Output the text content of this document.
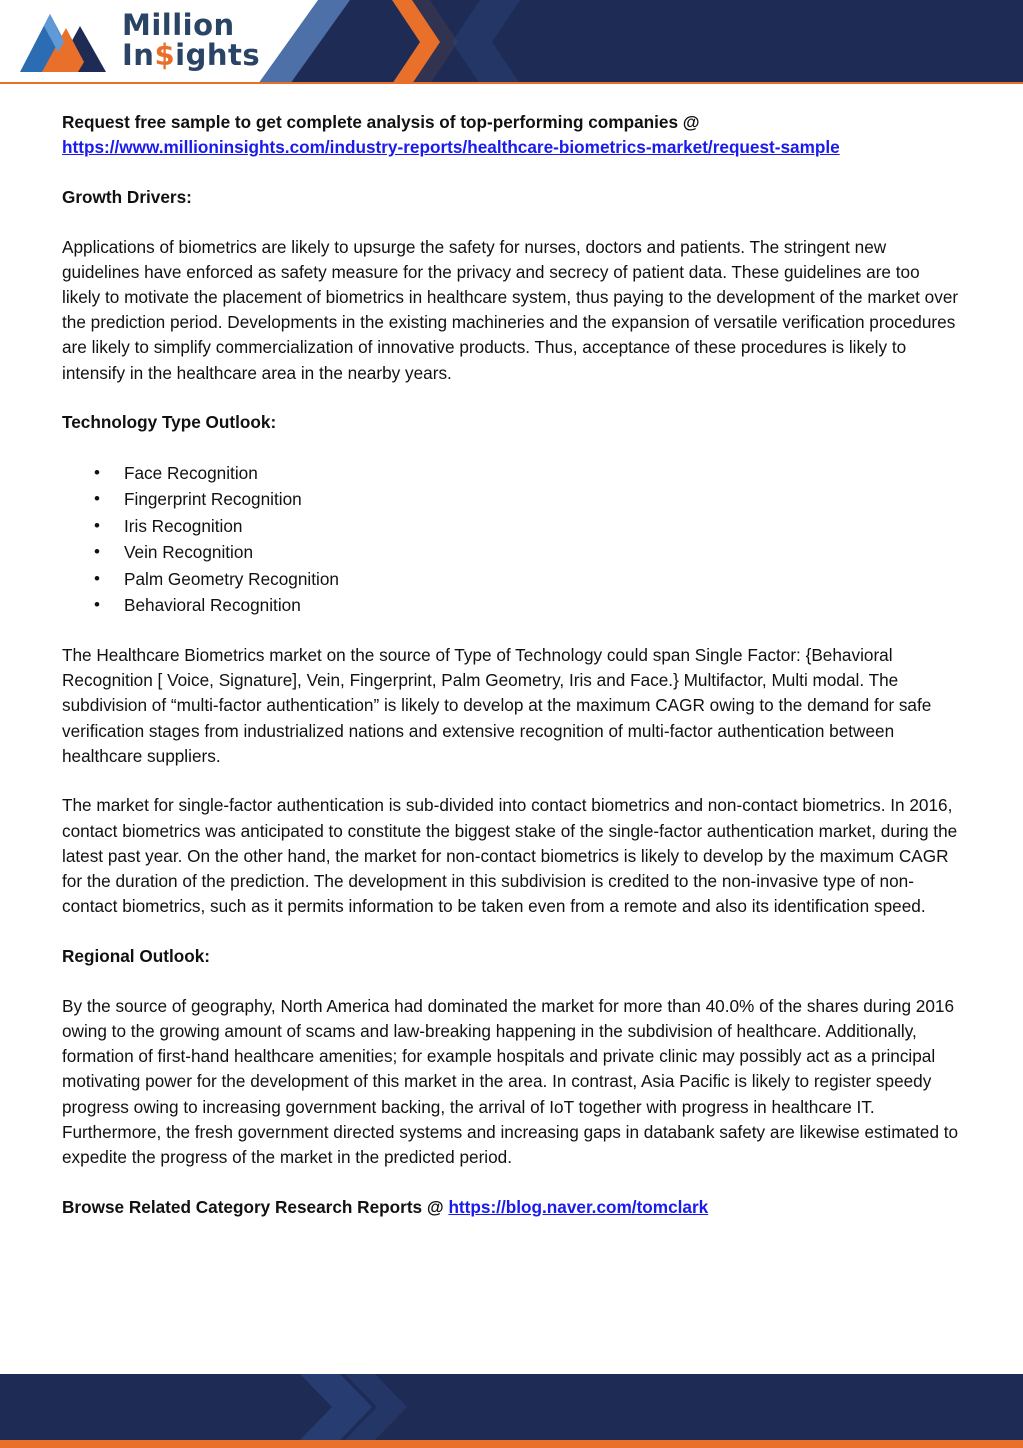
Million
In$ights

Request free sample to get complete analysis of top-performing companies @
https://www.millioninsights.com/industry-reports/healthcare-biometrics-market/request-sample

Growth Drivers:

Applications of biometrics are likely to upsurge the safety for nurses, doctors and patients. The stringent new guidelines have enforced as safety measure for the privacy and secrecy of patient data. These guidelines are too likely to motivate the placement of biometrics in healthcare system, thus paying to the development of the market over the prediction period. Developments in the existing machineries and the expansion of versatile verification procedures are likely to simplify commercialization of innovative products. Thus, acceptance of these procedures is likely to intensify in the healthcare area in the nearby years.

Technology Type Outlook:

• Face Recognition
• Fingerprint Recognition
• Iris Recognition
• Vein Recognition
• Palm Geometry Recognition
• Behavioral Recognition

The Healthcare Biometrics market on the source of Type of Technology could span Single Factor: {Behavioral Recognition [ Voice, Signature], Vein, Fingerprint, Palm Geometry, Iris and Face.} Multifactor, Multi modal. The subdivision of “multi-factor authentication” is likely to develop at the maximum CAGR owing to the demand for safe verification stages from industrialized nations and extensive recognition of multi-factor authentication between healthcare suppliers.

The market for single-factor authentication is sub-divided into contact biometrics and non-contact biometrics. In 2016, contact biometrics was anticipated to constitute the biggest stake of the single-factor authentication market, during the latest past year. On the other hand, the market for non-contact biometrics is likely to develop by the maximum CAGR for the duration of the prediction. The development in this subdivision is credited to the non-invasive type of non-contact biometrics, such as it permits information to be taken even from a remote and also its identification speed.

Regional Outlook:

By the source of geography, North America had dominated the market for more than 40.0% of the shares during 2016 owing to the growing amount of scams and law-breaking happening in the subdivision of healthcare. Additionally, formation of first-hand healthcare amenities; for example hospitals and private clinic may possibly act as a principal motivating power for the development of this market in the area. In contrast, Asia Pacific is likely to register speedy progress owing to increasing government backing, the arrival of IoT together with progress in healthcare IT. Furthermore, the fresh government directed systems and increasing gaps in databank safety are likewise estimated to expedite the progress of the market in the predicted period.

Browse Related Category Research Reports @ https://blog.naver.com/tomclark
